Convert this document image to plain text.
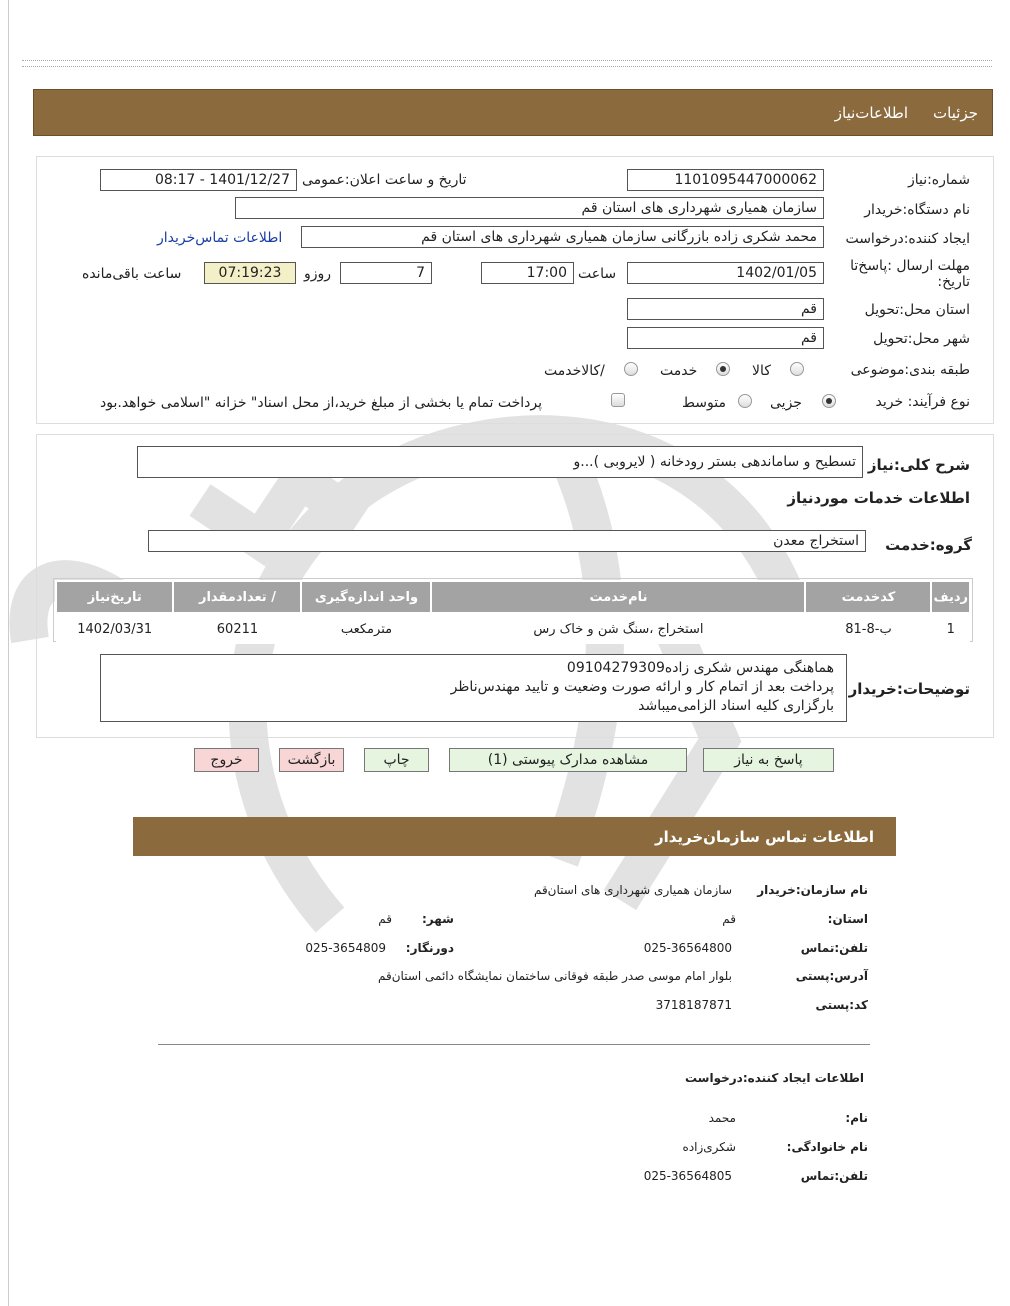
جزئیات
اطلاعات‌نیاز
شماره:نیاز
1101095447000062
تاریخ و ساعت اعلان:عمومی
1401/12/27 - 08:17
نام دستگاه:خریدار
سازمان همیاری شهرداری های استان قم
ایجاد کننده:درخواست
محمد شکری زاده بازرگانی سازمان همیاری شهرداری های استان قم
اطلاعات تماس‌خریدار
مهلت ارسال :پاسخ‌تا تاریخ:
1402/01/05
ساعت
17:00
7
روزو
07:19:23
ساعت باقی‌مانده
استان محل:تحویل
قم
شهر محل:تحویل
قم
طبقه بندی:موضوعی
کالا
خدمت
/کالاخدمت
نوع فرآیند: خرید
جزیی
متوسط
پرداخت تمام یا بخشی از مبلغ خرید،از محل اسناد" خزانه "اسلامی خواهد.بود
شرح کلی:نیاز
تسطیح و ساماندهی بستر رودخانه ( لایروبی )...و
اطلاعات خدمات موردنیاز
گروه:خدمت
استخراج معدن
ردیف	کدخدمت	نام‌خدمت	واحد اندازه‌گیری	/ تعدادمقدار	تاریخ‌نیاز
1	ب-8-81	استخراج ،سنگ شن و خاک رس	مترمکعب	60211	1402/03/31
توضیحات:خریدار
هماهنگی مهندس شکری زاده09104279309
پرداخت بعد از اتمام کار و ارائه صورت وضعیت و تایید مهندس‌ناظر
بارگزاری کلیه اسناد الزامی‌میباشد
پاسخ به نیاز
مشاهده مدارک پیوستی (1)
چاپ
بازگشت
خروج
اطلاعات تماس سازمان‌خریدار
نام سازمان:خریدار
سازمان همیاری شهرداری های استان‌قم
استان:
قم
شهر:
قم
تلفن:تماس
025-36564800
دورنگار:
025-3654809
آدرس:پستی
بلوار امام موسی صدر طبقه فوقانی ساختمان نمایشگاه دائمی استان‌قم
کد:پستی
3718187871
اطلاعات ایجاد کننده:درخواست
نام:
محمد
نام خانوادگی:
شکری‌زاده
تلفن:تماس
025-36564805
